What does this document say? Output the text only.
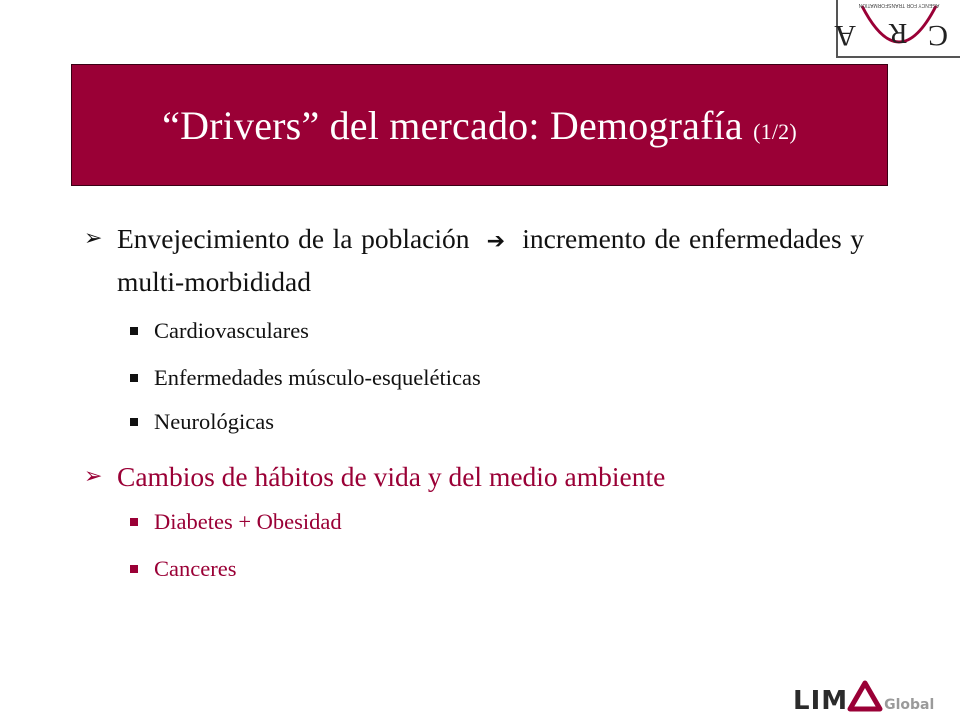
A R C
AGENCY FOR TRANSFORMATION
“Drivers” del mercado: Demografía (1/2)
➢ Envejecimiento de la población ➔ incremento de enfermedades y multi-morbididad
Cardiovasculares
Enfermedades músculo-esqueléticas
Neurológicas
➢ Cambios de hábitos de vida y del medio ambiente
Diabetes + Obesidad
Canceres
LIM	Global
